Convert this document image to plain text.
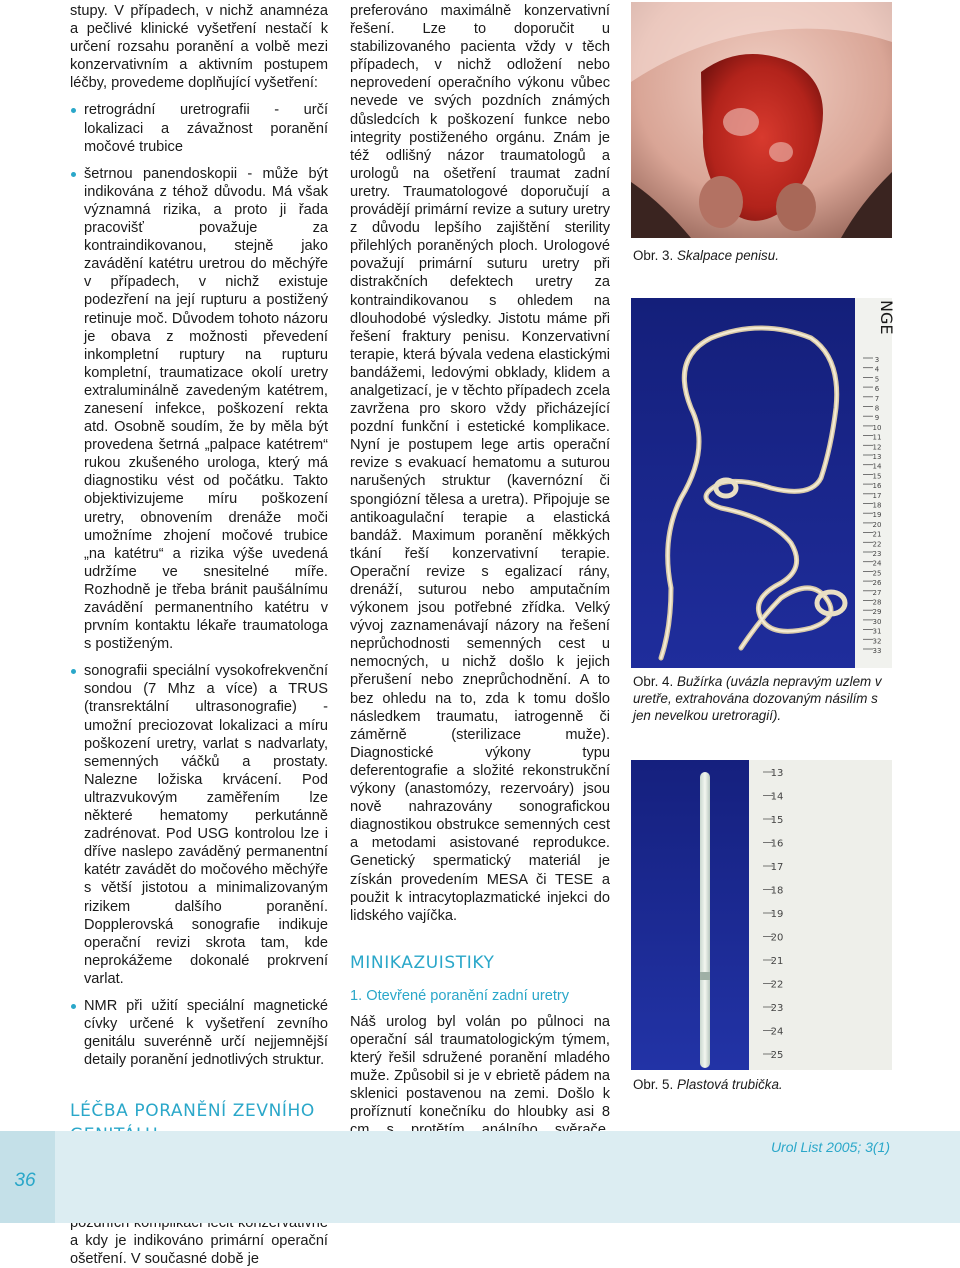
stupy. V případech, v nichž anamnéza a pečlivé klinické vyšetření nestačí k určení rozsahu poranění a volbě mezi konzervativním a aktivním postupem léčby, provedeme doplňující vyšetření:

retrográdní uretrografii - určí lokalizaci a závažnost poranění močové trubice
šetrnou panendoskopii - může být indikována z téhož důvodu. Má však významná rizika, a proto ji řada pracovišť považuje za kontraindikovanou, stejně jako zavádění katétru uretrou do měchýře v případech, v nichž existuje podezření na její rupturu a postižený retinuje moč. Důvodem tohoto názoru je obava z možnosti převedení inkompletní ruptury na rupturu kompletní, traumatizace okolí uretry extraluminálně zavedeným katétrem, zanesení infekce, poškození rekta atd. Osobně soudím, že by měla být provedena šetrná „palpace katétrem“ rukou zkušeného urologa, který má diagnostiku vést od počátku. Takto objektivizujeme míru poškození uretry, obnovením drenáže moči umožníme zhojení močové trubice „na katétru“ a rizika výše uvedená udržíme ve snesitelné míře. Rozhodně je třeba bránit paušálnímu zavádění permanentního katétru v prvním kontaktu lékaře traumatologa s postiženým.
sonografii speciální vysokofrekvenční sondou (7 Mhz a více) a TRUS (transrektální ultrasonografie) - umožní preciozovat lokalizaci a míru poškození uretry, varlat s nadvarlaty, semenných váčků a prostaty. Nalezne ložiska krvácení. Pod ultrazvukovým zaměřením lze některé hematomy perkutánně zadrénovat. Pod USG kontrolou lze i dříve naslepo zaváděný permanentní katétr zavádět do močového měchýře s větší jistotou a minimalizovaným rizikem dalšího poranění. Dopplerovská sonografie indikuje operační revizi skrota tam, kde neprokážeme dokonalé prokrvení varlat.
NMR při užití speciální magnetické cívky určené k vyšetření zevního genitálu suverénně určí nejjemnější detaily poranění jednotlivých struktur.
LÉČBA PORANĚNÍ ZEVNÍHO

a kdy je indikováno primární operační ošetření. V současné době je

preferováno maximálně konzervativní řešení. Lze to doporučit u stabilizovaného pacienta vždy v těch případech, v nichž odložení nebo neprovedení operačního výkonu vůbec nevede ve svých pozdních známých důsledcích k poškození funkce nebo integrity postiženého orgánu. Znám je též odlišný názor traumatologů a urologů na ošetření traumat zadní uretry. Traumatologové doporučují a provádějí primární revize a sutury uretry z důvodu lepšího zajištění sterility přilehlých poraněných ploch. Urologové považují primární suturu uretry při distrakčních defektech uretry za kontraindikovanou s ohledem na dlouhodobé výsledky. Jistotu máme při řešení fraktury penisu. Konzervativní terapie, která bývala vedena elastickými bandážemi, ledovými obklady, klidem a analgetizací, je v těchto případech zcela zavržena pro skoro vždy přicházející pozdní funkční i estetické komplikace. Nyní je postupem lege artis operační revize s evakuací hematomu a suturou narušených struktur (kavernózní či spongiózní tělesa a uretra). Připojuje se antikoagulační terapie a elastická bandáž. Maximum poranění měkkých tkání řeší konzervativní terapie. Operační revize s egalizací rány, drenáží, suturou nebo amputačním výkonem jsou potřebné zřídka. Velký vývoj zaznamenávají názory na řešení neprůchodnosti semenných cest u nemocných, u nichž došlo k jejich přerušení nebo zneprůchodnění. A to bez ohledu na to, zda k tomu došlo následkem traumatu, iatrogenně či záměrně (sterilizace muže). Diagnostické výkony typu deferentografie a složité rekonstrukční výkony (anastomózy, rezervoáry) jsou nově nahrazovány sonografickou diagnostikou obstrukce semenných cest a metodami asistované reprodukce. Genetický spermatický materiál je získán provedením MESA či TESE a použit k intracytoplazmatické injekci do lidského vajíčka.

MINIKAZUISTIKY
1. Otevřené poranění zadní uretry

Náš urolog byl volán po půlnoci na operační sál traumatologickým týmem, který řešil sdružené poranění mladého muže. Způsobil si je v ebrietě pádem na sklenici postavenou na zemi. Došlo k proříznutí konečníku do hloubky asi 8

Obr. 3. Skalpace penisu.
NGE
3
4
5
6
7
8
9
10
11
12
13
14
15
16
17
18
19
20
21
22
23
24
25
26
27
28
29
30
31
32
33
Obr. 4. Bužírka (uvázla nepravým uzlem v uretře, extrahována dozovaným násilím s jen nevelkou uretroragií).
13
14
15
16
17
18
19
20
21
22
23
24
25
Obr. 5. Plastová trubička.
36
Urol List 2005; 3(1)
